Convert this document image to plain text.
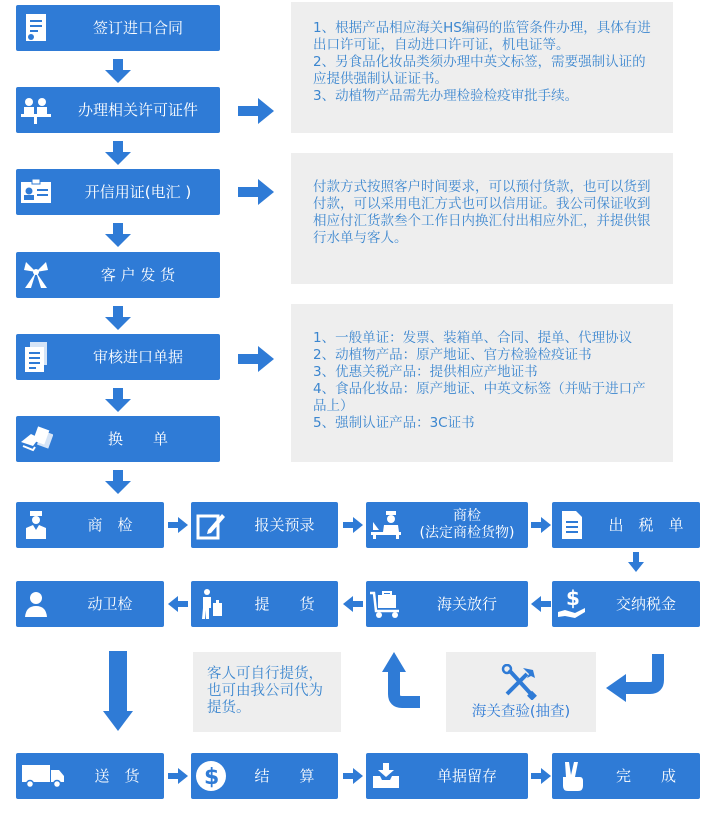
签订进口合同
办理相关许可证件
开信用证(电汇 )
客 户 发 货
审核进口单据
换　　单

1、根据产品相应海关HS编码的监管条件办理，具体有进出口许可证，自动进口许可证，机电证等。

2、另食品化妆品类须办理中英文标签，需要强制认证的应提供强制认证证书。

3、动植物产品需先办理检验检疫审批手续。

付款方式按照客户时间要求，可以预付货款，也可以货到付款，可以采用电汇方式也可以信用证。我公司保证收到相应付汇货款叁个工作日内换汇付出相应外汇，并提供银行水单与客人。

1、一般单证：发票、装箱单、合同、提单、代理协议

2、动植物产品：原产地证、官方检验检疫证书

3、优惠关税产品：提供相应产地证书

4、食品化妆品：原产地证、中英文标签（并贴于进口产品上）

5、强制认证产品：3C证书

商　检	报关预录	商检
(法定商检货物)	出　税　单
动卫检	提　　货	海关放行	$	交纳税金

客人可自行提货，也可由我公司代为提货。	海关查验(抽查)
送　货	$	结　　算	单据留存	完　　成
